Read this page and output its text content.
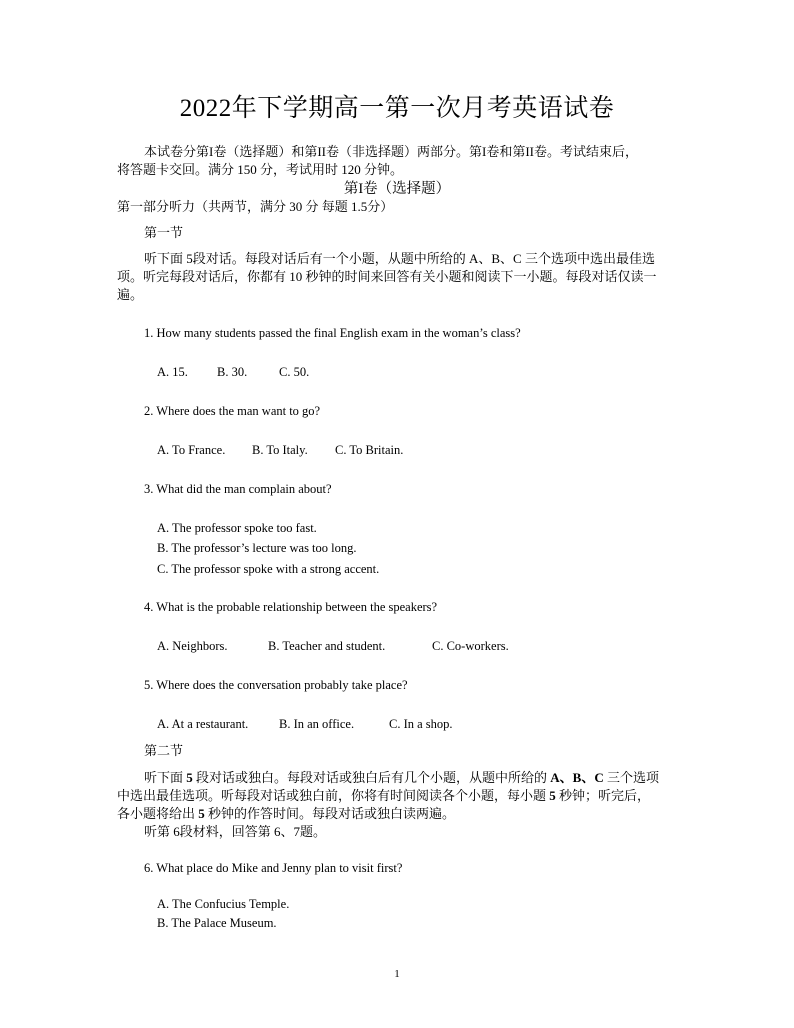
2022年下学期高一第一次月考英语试卷
本试卷分第I卷（选择题）和第II卷（非选择题）两部分。第I卷和第II卷。考试结束后，
将答题卡交回。满分 150 分，考试用时 120 分钟。
第I卷（选择题）
第一部分听力（共两节，满分 30 分 每题 1.5分）
第一节
听下面 5段对话。每段对话后有一个小题，从题中所给的 A、B、C 三个选项中选出最佳选
项。听完每段对话后，你都有 10 秒钟的时间来回答有关小题和阅读下一小题。每段对话仅读一
遍。
1. How many students passed the final English exam in the woman’s class?
A. 15. B. 30.	C. 50.
2. Where does the man want to go?
A. To France. B. To Italy. C. To Britain.
3. What did the man complain about?
A. The professor spoke too fast.
B. The professor’s lecture was too long.
C. The professor spoke with a strong accent.
4. What is the probable relationship between the speakers?
A. Neighbors.	B. Teacher and student.	C. Co-workers.
5. Where does the conversation probably take place?
A. At a restaurant. B. In an office.	C. In a shop.
第二节
听下面 5 段对话或独白。每段对话或独白后有几个小题，从题中所给的 A、B、C 三个选项
中选出最佳选项。听每段对话或独白前，你将有时间阅读各个小题，每小题 5 秒钟；听完后，
各小题将给出 5 秒钟的作答时间。每段对话或独白读两遍。
听第 6段材料，回答第 6、7题。
6. What place do Mike and Jenny plan to visit first?
A. The Confucius Temple.
B. The Palace Museum.
1
